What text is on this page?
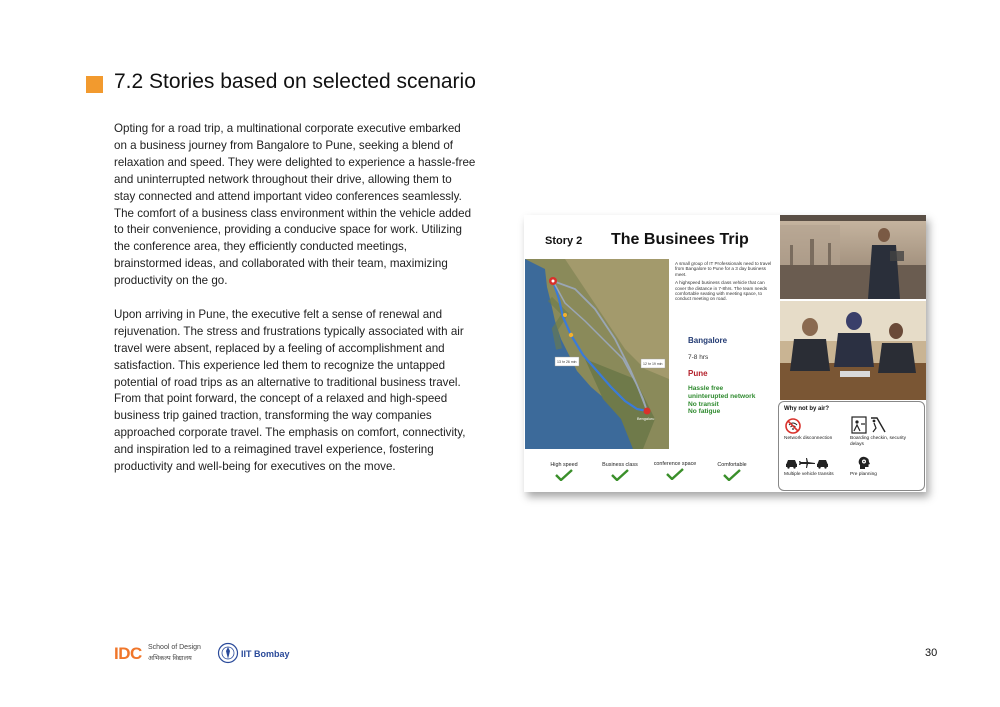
7.2 Stories based on selected scenario

Opting for a road trip, a multinational corporate executive embarked on a business journey from Bangalore to Pune, seeking a blend of relaxation and speed. They were delighted to experience a hassle-free and uninterrupted network throughout their drive, allowing them to stay connected and attend important video conferences seamlessly. The comfort of a business class environment within the vehicle added to their convenience, providing a conducive space for work. Utilizing the conference area, they efficiently conducted meetings, brainstormed ideas, and collaborated with their team, maximizing productivity on the go.

Upon arriving in Pune, the executive felt a sense of renewal and rejuvenation. The stress and frustrations typically associated with air travel were absent, replaced by a feeling of accomplishment and satisfaction. This experience led them to recognize the untapped potential of road trips as an alternative to traditional business travel. From that point forward, the concept of a relaxed and high-speed business trip gained traction, transforming the way companies approached corporate travel. The emphasis on comfort, connectivity, and inspiration led to a reimagined travel experience, fostering productivity and well-being for executives on the move.

Story 2 The Businees Trip
13 hr 26 min	12 hr 19 min
Bengaluru

A small group of IT Professionals need to travel from Bangalore to Pune for a 3 day business meet.

A highspeed business class vehicle that can cover the distance in 7-8hrs. The team needs comfortable seating with meeting space, to conduct meeting on road.

Bangalore
7-8 hrs
Pune
Hassle free
uninterupted network
No transit
No fatigue	Why not by air?
Network disconnection	Boarding checkin, security delays
Multiple vehicle transits	Pre planning
High speed	Business class	conference space	Comfortable
IDC School of Design
अभिकल्प विद्यालय	IIT Bombay	30
